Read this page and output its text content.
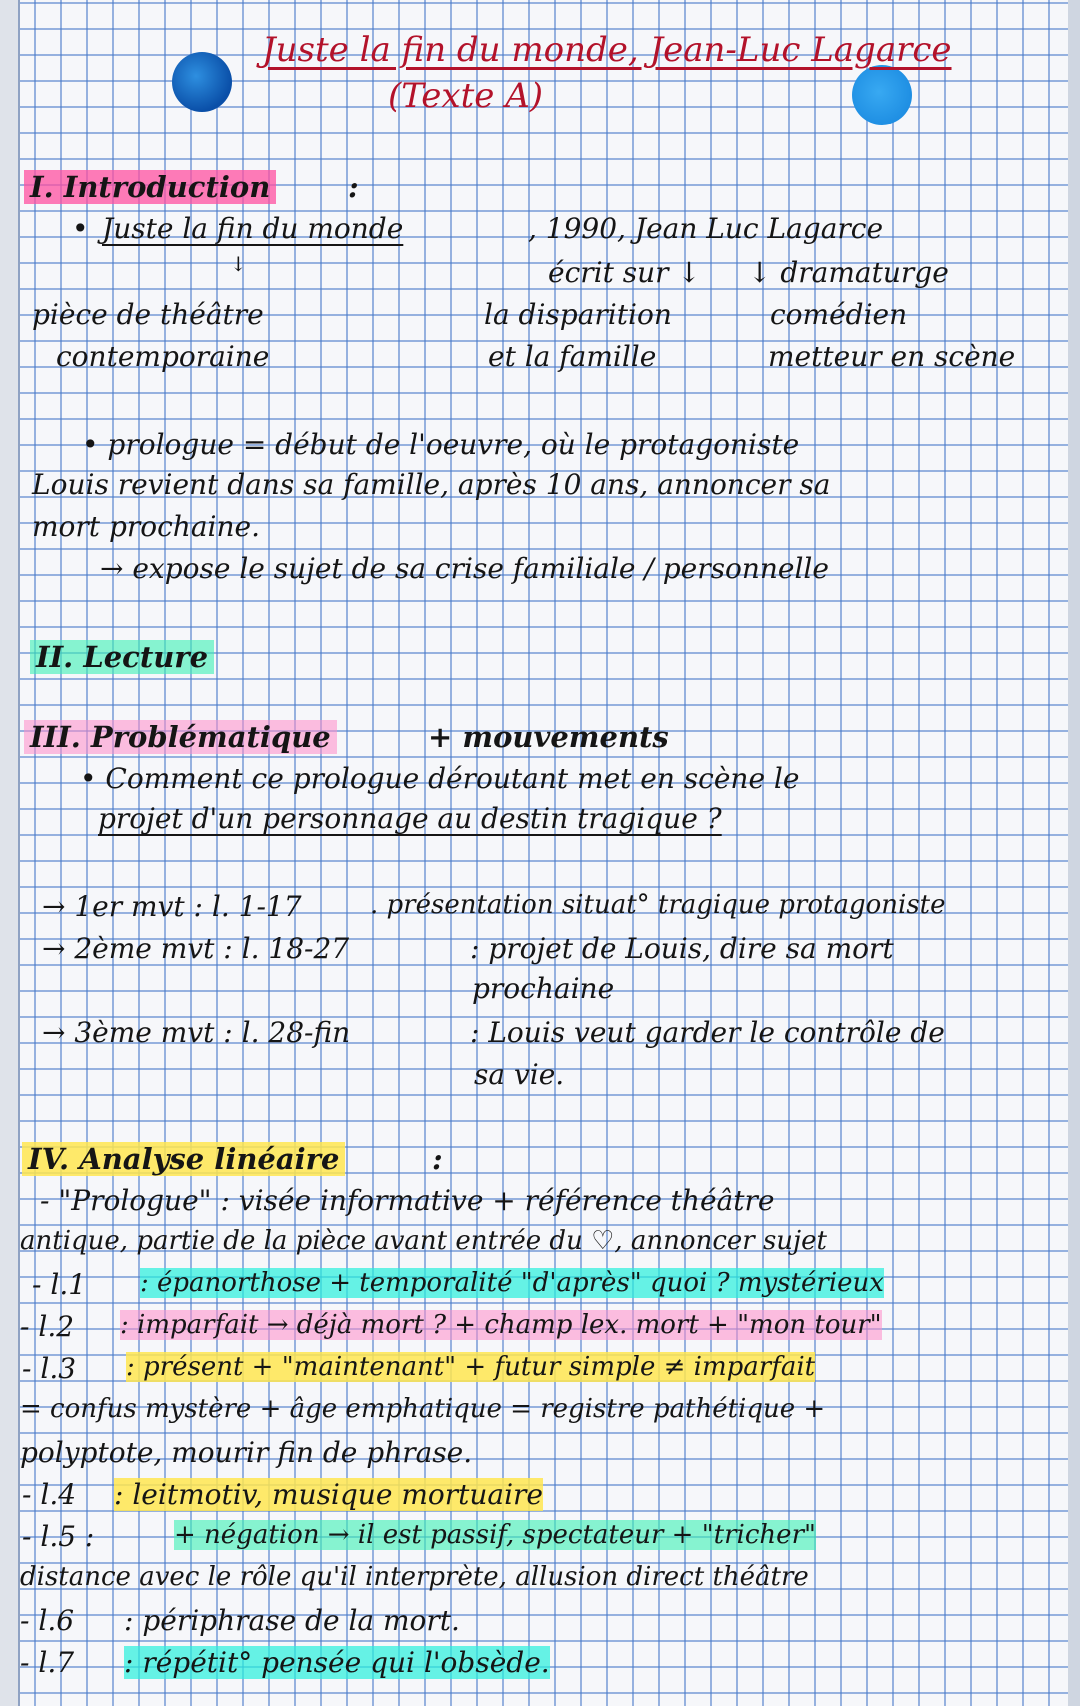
Juste la fin du monde, Jean-Luc Lagarce
(Texte A)
I. Introduction	:
• Juste la fin du monde	, 1990, Jean Luc Lagarce
↓
pièce de théâtre
contemporaine
écrit sur ↓
la disparition
et la famille
↓ dramaturge
comédien
metteur en scène
• prologue = début de l'oeuvre, où le protagoniste
Louis revient dans sa famille, après 10 ans, annoncer sa
mort prochaine.
→ expose le sujet de sa crise familiale / personnelle
II. Lecture
III. Problématique	+ mouvements
• Comment ce prologue déroutant met en scène le
projet d'un personnage au destin tragique ?
→ 1er mvt : l. 1-17	. présentation situat° tragique protagoniste
→ 2ème mvt : l. 18-27	: projet de Louis, dire sa mort
prochaine
→ 3ème mvt : l. 28-fin	: Louis veut garder le contrôle de
sa vie.
IV. Analyse linéaire	:
- "Prologue" : visée informative + référence théâtre
antique, partie de la pièce avant entrée du ♡, annoncer sujet
- l.1 : épanorthose + temporalité "d'après" quoi ? mystérieux
- l.2 : imparfait → déjà mort ? + champ lex. mort + "mon tour"
- l.3 : présent + "maintenant" + futur simple ≠ imparfait
= confus mystère + âge emphatique = registre pathétique +
polyptote, mourir fin de phrase.
- l.4 : leitmotiv, musique mortuaire
- l.5 :	+ négation → il est passif, spectateur + "tricher"
distance avec le rôle qu'il interprète, allusion direct théâtre
- l.6 : périphrase de la mort.
- l.7 : répétit° pensée qui l'obsède.
